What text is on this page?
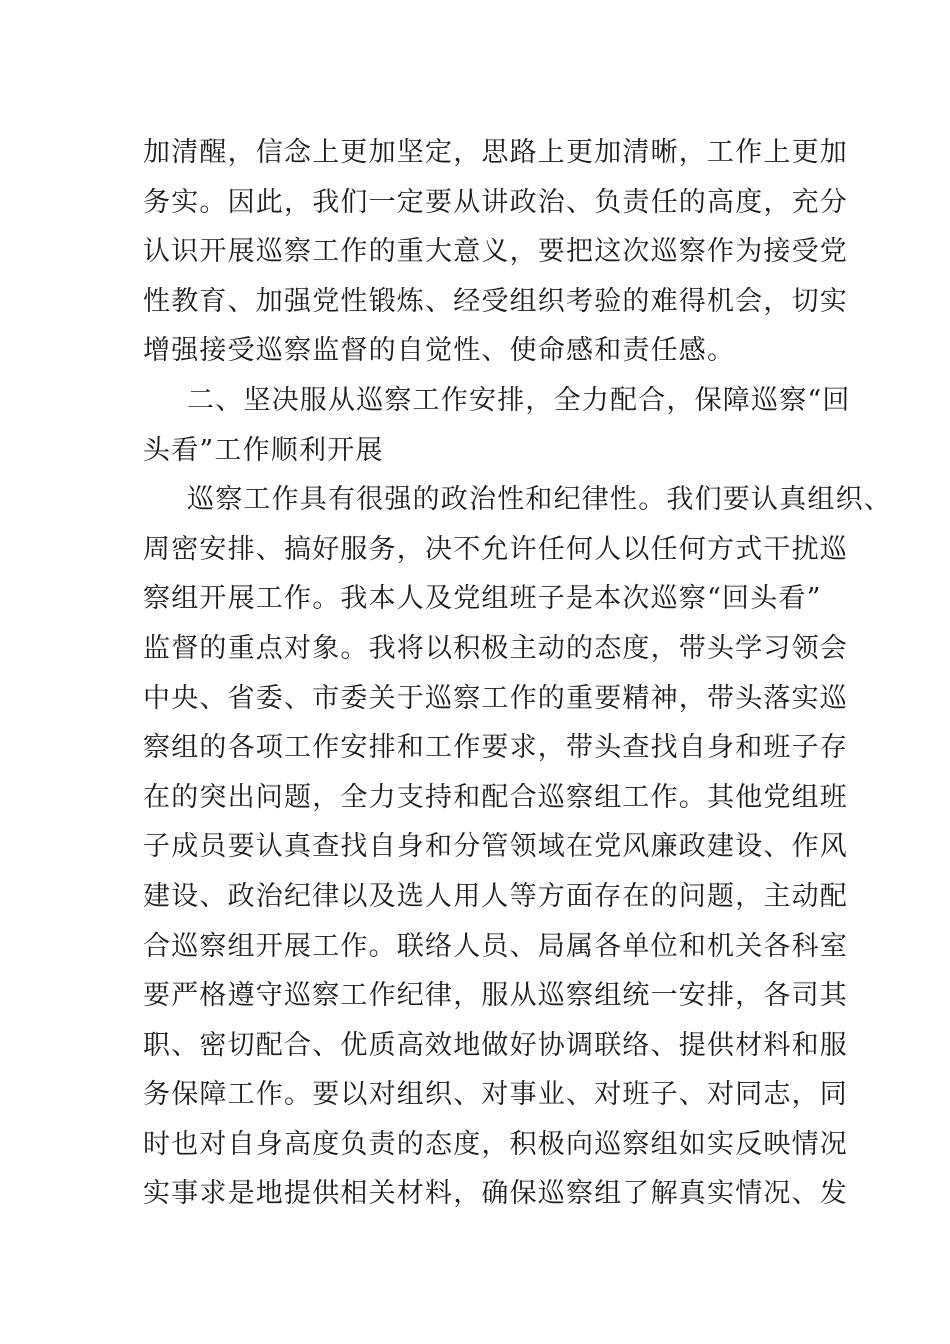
加清醒，信念上更加坚定，思路上更加清晰，工作上更加
务实。因此，我们一定要从讲政治、负责任的高度，充分
认识开展巡察工作的重大意义，要把这次巡察作为接受党
性教育、加强党性锻炼、经受组织考验的难得机会，切实
增强接受巡察监督的自觉性、使命感和责任感。
二、坚决服从巡察工作安排，全力配合，保障巡察“回
头看”工作顺利开展
巡察工作具有很强的政治性和纪律性。我们要认真组织、
周密安排、搞好服务，决不允许任何人以任何方式干扰巡
察组开展工作。我本人及党组班子是本次巡察“回头看”
监督的重点对象。我将以积极主动的态度，带头学习领会
中央、省委、市委关于巡察工作的重要精神，带头落实巡
察组的各项工作安排和工作要求，带头查找自身和班子存
在的突出问题，全力支持和配合巡察组工作。其他党组班
子成员要认真查找自身和分管领域在党风廉政建设、作风
建设、政治纪律以及选人用人等方面存在的问题，主动配
合巡察组开展工作。联络人员、局属各单位和机关各科室
要严格遵守巡察工作纪律，服从巡察组统一安排，各司其
职、密切配合、优质高效地做好协调联络、提供材料和服
务保障工作。要以对组织、对事业、对班子、对同志，同
时也对自身高度负责的态度，积极向巡察组如实反映情况
实事求是地提供相关材料，确保巡察组了解真实情况、发
